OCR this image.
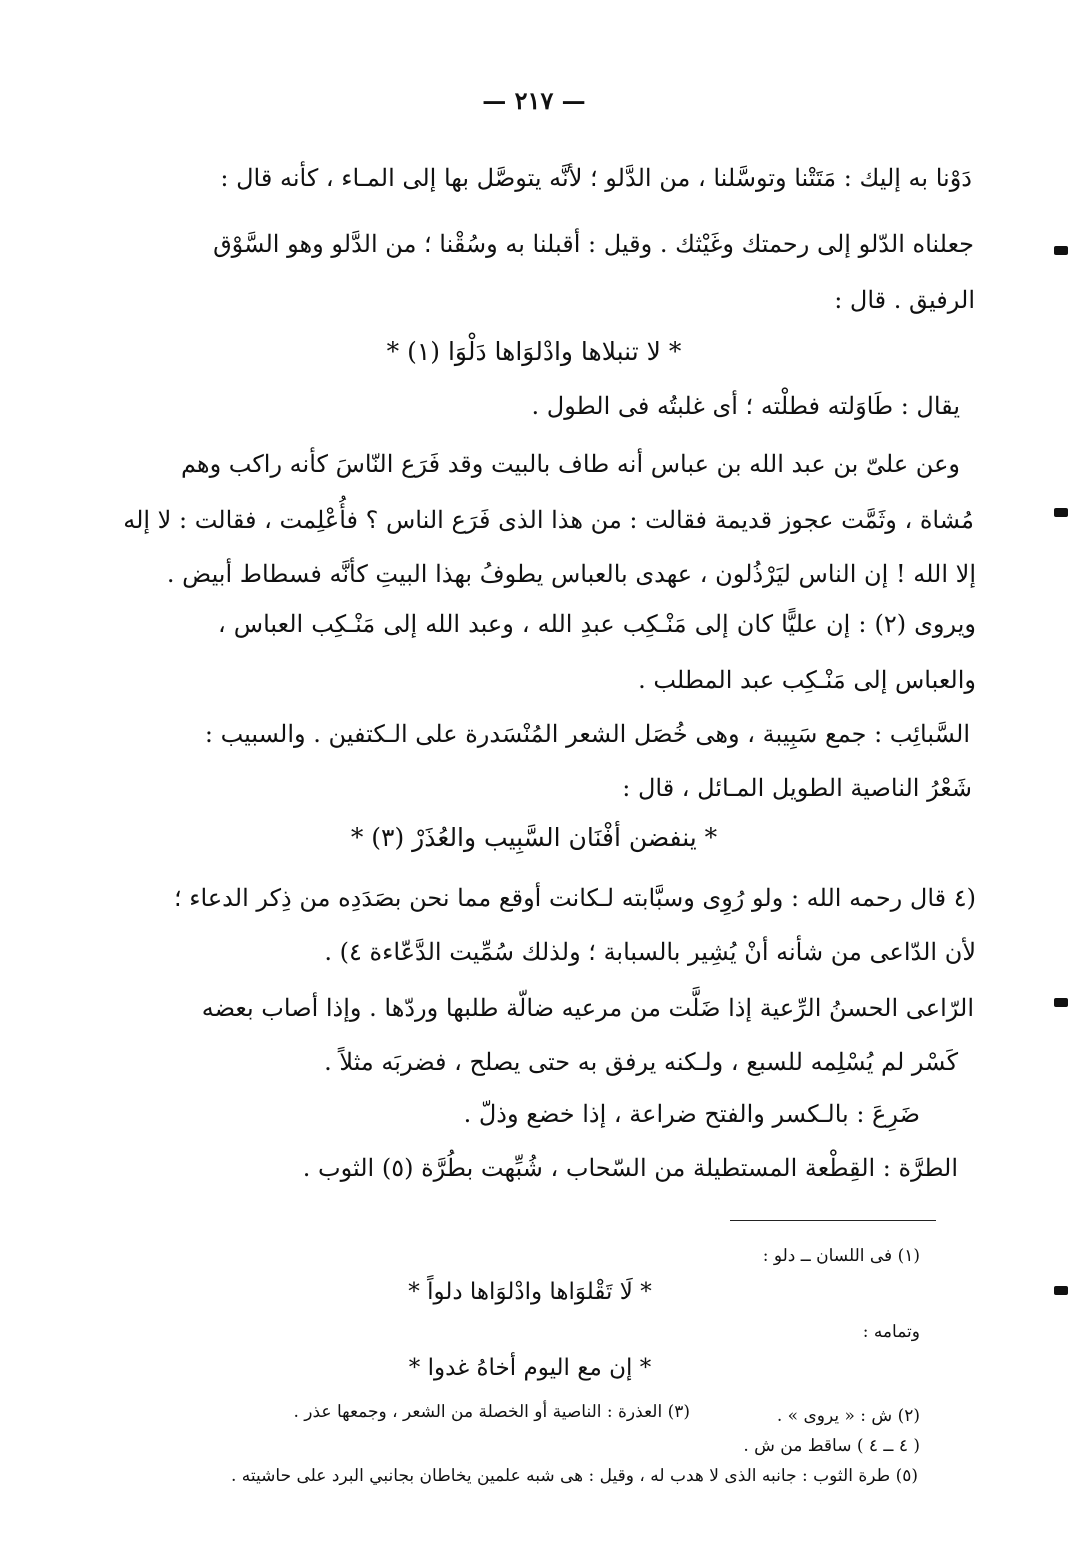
— ٢١٧ —
دَوْنا به إليك : مَتَتْنا وتوسَّلنا ، من الدَّلو ؛ لأنَّه يتوصَّل بها إلى المـاء ، كأنه قال :
جعلناه الدّلو إلى رحمتك وغَيْثك . وقيل : أقبلنا به وسُقْنا ؛ من الدَّلو وهو السَّوْق
الرفيق . قال :
* لا تنبلاها وادْلوَاها دَلْوَا (١) *
يقال : طَاوَلته فطلْته ؛ أى غلبتُه فى الطول .
وعن علىّ بن عبد الله بن عباس أنه طاف بالبيت وقد فَرَع النّاسَ كأنه راكب وهم
مُشاة ، وثَمَّت عجوز قديمة فقالت : من هذا الذى فَرَع الناس ؟ فأُعْلِمت ، فقالت : لا إله
إلا الله ! إن الناس ليَرْذُلون ، عهدى بالعباس يطوفُ بهذا البيتِ كأنَّه فسطاط أبيض .
ويروى (٢) : إن عليًّا كان إلى مَنْـكِب عبدِ الله ، وعبد الله إلى مَنْـكِب العباس ،
والعباس إلى مَنْـكِب عبد المطلب .
السَّبائِب : جمع سَبِيبة ، وهى خُصَل الشعر المُنْسَدرة على الـكتفين . والسبيب :
شَعْرُ الناصية الطويل المـائل ، قال :
* ينفضن أفْنَان السَّبِيب والعُذَرْ (٣) *
(٤ قال رحمه الله : ولو رُوِى وسبَّابته لـكانت أوقع مما نحن بصَدَدِه من ذِكر الدعاء ؛
لأن الدّاعى من شأنه أنْ يُشِير بالسبابة ؛ ولذلك سُمِّيت الدَّعّاءة ٤) .
الرّاعى الحسنُ الرِّعية إذا ضَلَّت من مرعيه ضالّة طلبها وردّها . وإذا أصاب بعضه
كَسْر لم يُسْلِمه للسبع ، ولـكنه يرفق به حتى يصلح ، فضربَه مثلاً .
ضَرِعَ : بالـكسر والفتح ضراعة ، إذا خضع وذلّ .
الطرَّة : القِطْعة المستطيلة من السّحاب ، شُبِّهت بطُرَّة (٥) الثوب .
(١) فى اللسان ــ دلو :
* لَا تَقْلوَاها وادْلوَاها دلواً *
وتمامه :
* إن مع اليوم أخاهُ غدوا *
(٢) ش : « يروى » .
(٣) العذرة : الناصية أو الخصلة من الشعر ، وجمعها عذر .
( ٤ ــ ٤ ) ساقط من ش .
(٥) طرة الثوب : جانبه الذى لا هدب له ، وقيل : هى شبه علمين يخاطان بجانبي البرد على حاشيته .
